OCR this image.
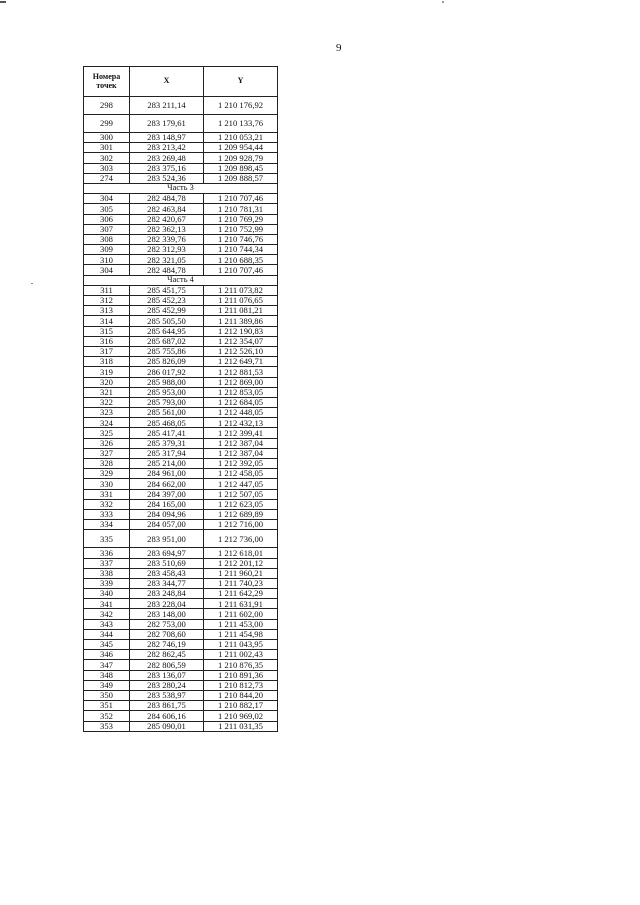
9
Номера точек	X	Y
298	283 211,14	1 210 176,92
299	283 179,61	1 210 133,76
300	283 148,97	1 210 053,21
301	283 213,42	1 209 954,44
302	283 269,48	1 209 928,79
303	283 375,16	1 209 898,45
274	283 524,36	1 209 888,57
Часть 3		
304	282 484,78	1 210 707,46
305	282 463,84	1 210 781,31
306	282 420,67	1 210 769,29
307	282 362,13	1 210 752,99
308	282 339,76	1 210 746,76
309	282 312,93	1 210 744,34
310	282 321,05	1 210 688,35
304	282 484,78	1 210 707,46
Часть 4		
311	285 451,75	1 211 073,82
312	285 452,23	1 211 076,65
313	285 452,99	1 211 081,21
314	285 505,50	1 211 389,86
315	285 644,95	1 212 190,83
316	285 687,02	1 212 354,07
317	285 755,86	1 212 526,10
318	285 826,09	1 212 649,71
319	286 017,92	1 212 881,53
320	285 988,00	1 212 869,00
321	285 953,00	1 212 853,05
322	285 793,00	1 212 684,05
323	285 561,00	1 212 448,05
324	285 468,05	1 212 432,13
325	285 417,41	1 212 399,41
326	285 379,31	1 212 387,04
327	285 317,94	1 212 387,04
328	285 214,00	1 212 392,05
329	284 961,00	1 212 458,05
330	284 662,00	1 212 447,05
331	284 397,00	1 212 507,05
332	284 165,00	1 212 623,05
333	284 094,96	1 212 689,89
334	284 057,00	1 212 716,00
335	283 951,00	1 212 736,00
336	283 694,97	1 212 618,01
337	283 510,69	1 212 201,12
338	283 458,43	1 211 960,21
339	283 344,77	1 211 740,23
340	283 248,84	1 211 642,29
341	283 228,04	1 211 631,91
342	283 148,00	1 211 602,00
343	282 753,00	1 211 453,00
344	282 708,60	1 211 454,98
345	282 746,19	1 211 043,95
346	282 862,45	1 211 002,43
347	282 806,59	1 210 876,35
348	283 136,07	1 210 891,36
349	283 280,24	1 210 812,73
350	283 538,97	1 210 844,20
351	283 861,75	1 210 882,17
352	284 606,16	1 210 969,02
353	285 090,01	1 211 031,35
